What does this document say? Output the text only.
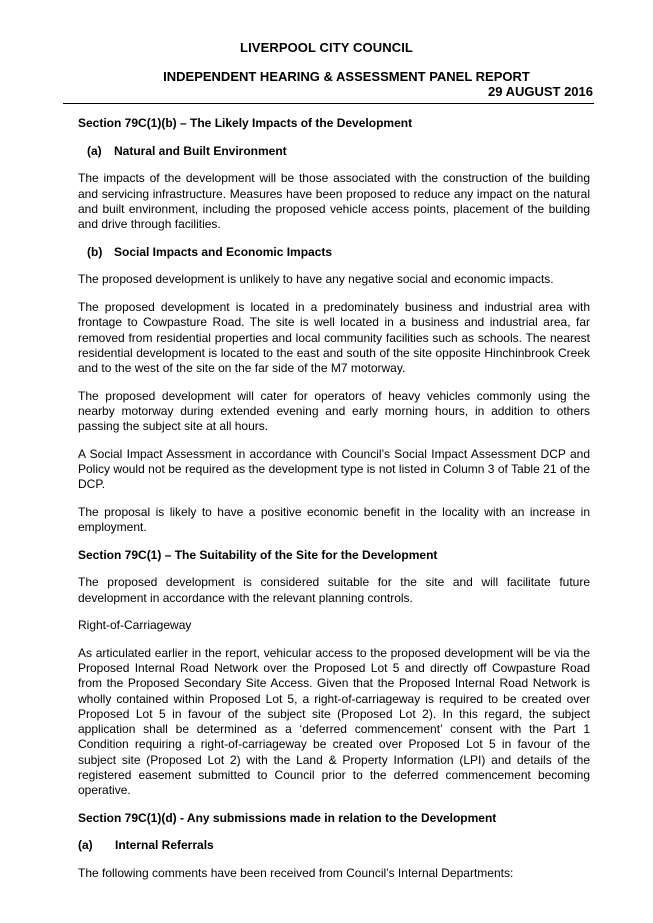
LIVERPOOL CITY COUNCIL
INDEPENDENT HEARING & ASSESSMENT PANEL REPORT
29 AUGUST 2016
Section 79C(1)(b) – The Likely Impacts of the Development
(a) Natural and Built Environment

The impacts of the development will be those associated with the construction of the building and servicing infrastructure. Measures have been proposed to reduce any impact on the natural and built environment, including the proposed vehicle access points, placement of the building and drive through facilities.

(b) Social Impacts and Economic Impacts

The proposed development is unlikely to have any negative social and economic impacts.

The proposed development is located in a predominately business and industrial area with frontage to Cowpasture Road. The site is well located in a business and industrial area, far removed from residential properties and local community facilities such as schools. The nearest residential development is located to the east and south of the site opposite Hinchinbrook Creek and to the west of the site on the far side of the M7 motorway.

The proposed development will cater for operators of heavy vehicles commonly using the nearby motorway during extended evening and early morning hours, in addition to others passing the subject site at all hours.

A Social Impact Assessment in accordance with Council’s Social Impact Assessment DCP and Policy would not be required as the development type is not listed in Column 3 of Table 21 of the DCP.

The proposal is likely to have a positive economic benefit in the locality with an increase in employment.

Section 79C(1) – The Suitability of the Site for the Development

The proposed development is considered suitable for the site and will facilitate future development in accordance with the relevant planning controls.

Right-of-Carriageway

As articulated earlier in the report, vehicular access to the proposed development will be via the Proposed Internal Road Network over the Proposed Lot 5 and directly off Cowpasture Road from the Proposed Secondary Site Access. Given that the Proposed Internal Road Network is wholly contained within Proposed Lot 5, a right-of-carriageway is required to be created over Proposed Lot 5 in favour of the subject site (Proposed Lot 2). In this regard, the subject application shall be determined as a ‘deferred commencement’ consent with the Part 1 Condition requiring a right-of-carriageway be created over Proposed Lot 5 in favour of the subject site (Proposed Lot 2) with the Land & Property Information (LPI) and details of the registered easement submitted to Council prior to the deferred commencement becoming operative.

Section 79C(1)(d) - Any submissions made in relation to the Development
(a) Internal Referrals

The following comments have been received from Council’s Internal Departments:
